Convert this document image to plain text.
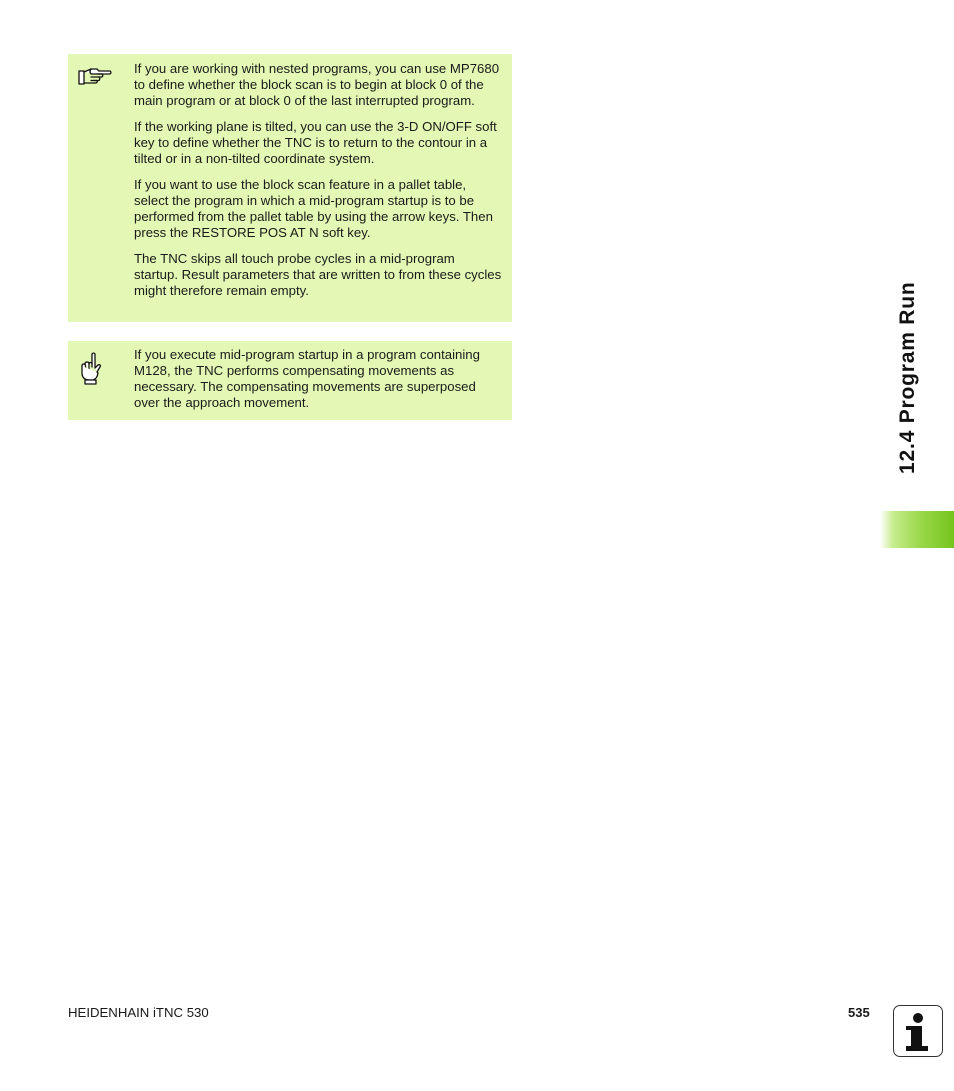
If you are working with nested programs, you can use MP7680 to define whether the block scan is to begin at block 0 of the main program or at block 0 of the last interrupted program.

If the working plane is tilted, you can use the 3-D ON/OFF soft key to define whether the TNC is to return to the contour in a tilted or in a non-tilted coordinate system.

If you want to use the block scan feature in a pallet table, select the program in which a mid-program startup is to be performed from the pallet table by using the arrow keys. Then press the RESTORE POS AT N soft key.

The TNC skips all touch probe cycles in a mid-program startup. Result parameters that are written to from these cycles might therefore remain empty.

If you execute mid-program startup in a program containing M128, the TNC performs compensating movements as necessary. The compensating movements are superposed over the approach movement.	12.4 Program Run
HEIDENHAIN iTNC 530	535
